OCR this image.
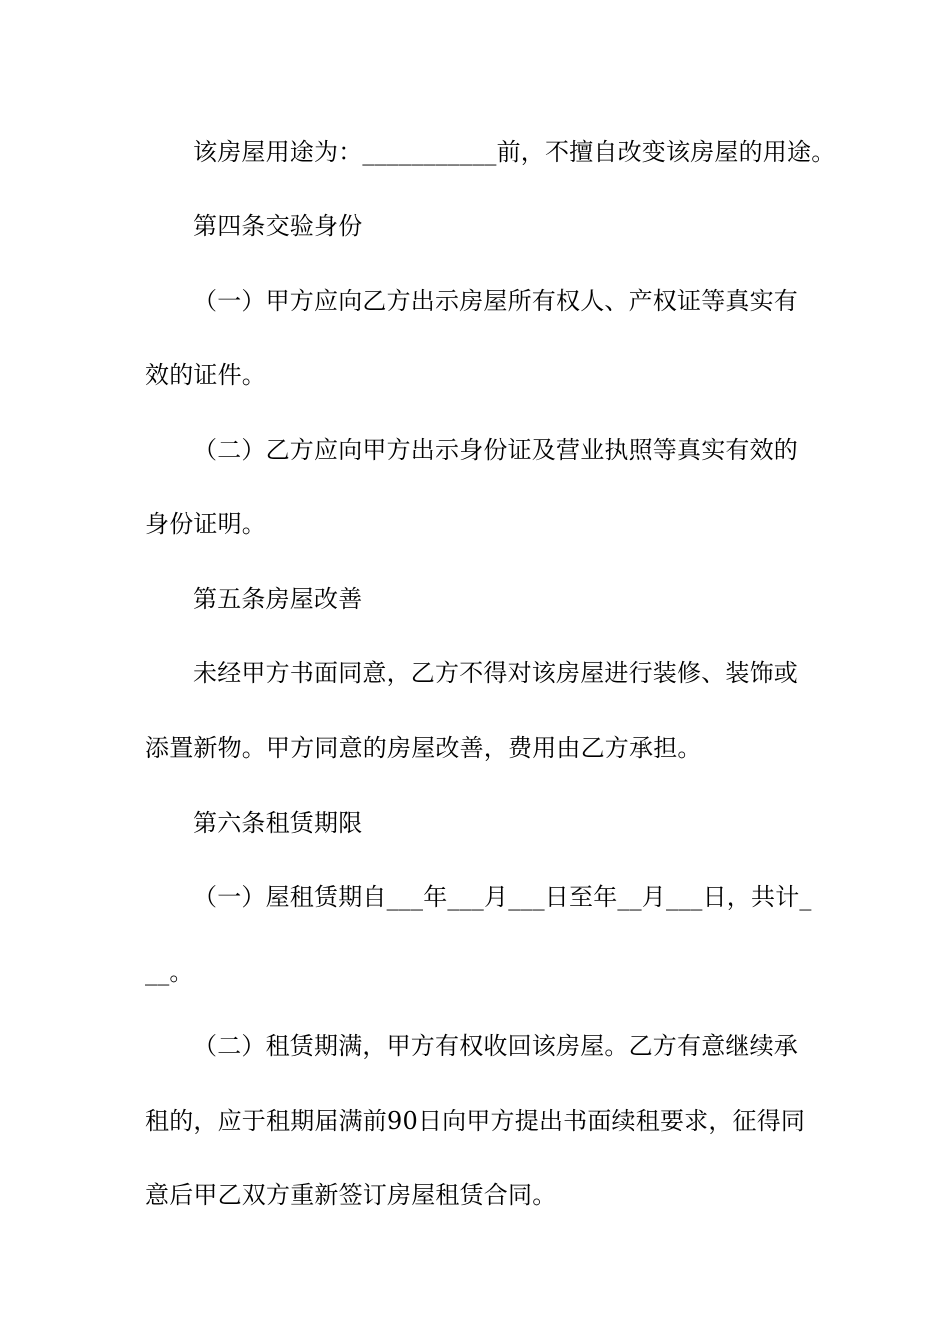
该房屋用途为：___________前，不擅自改变该房屋的用途。
第四条交验身份
（一）甲方应向乙方出示房屋所有权人、产权证等真实有
效的证件。
（二）乙方应向甲方出示身份证及营业执照等真实有效的
身份证明。
第五条房屋改善
未经甲方书面同意，乙方不得对该房屋进行装修、装饰或
添置新物。甲方同意的房屋改善，费用由乙方承担。
第六条租赁期限
（一）屋租赁期自___年___月___日至年__月___日，共计_
__。
（二）租赁期满，甲方有权收回该房屋。乙方有意继续承
租的，应于租期届满前90日向甲方提出书面续租要求，征得同
意后甲乙双方重新签订房屋租赁合同。
